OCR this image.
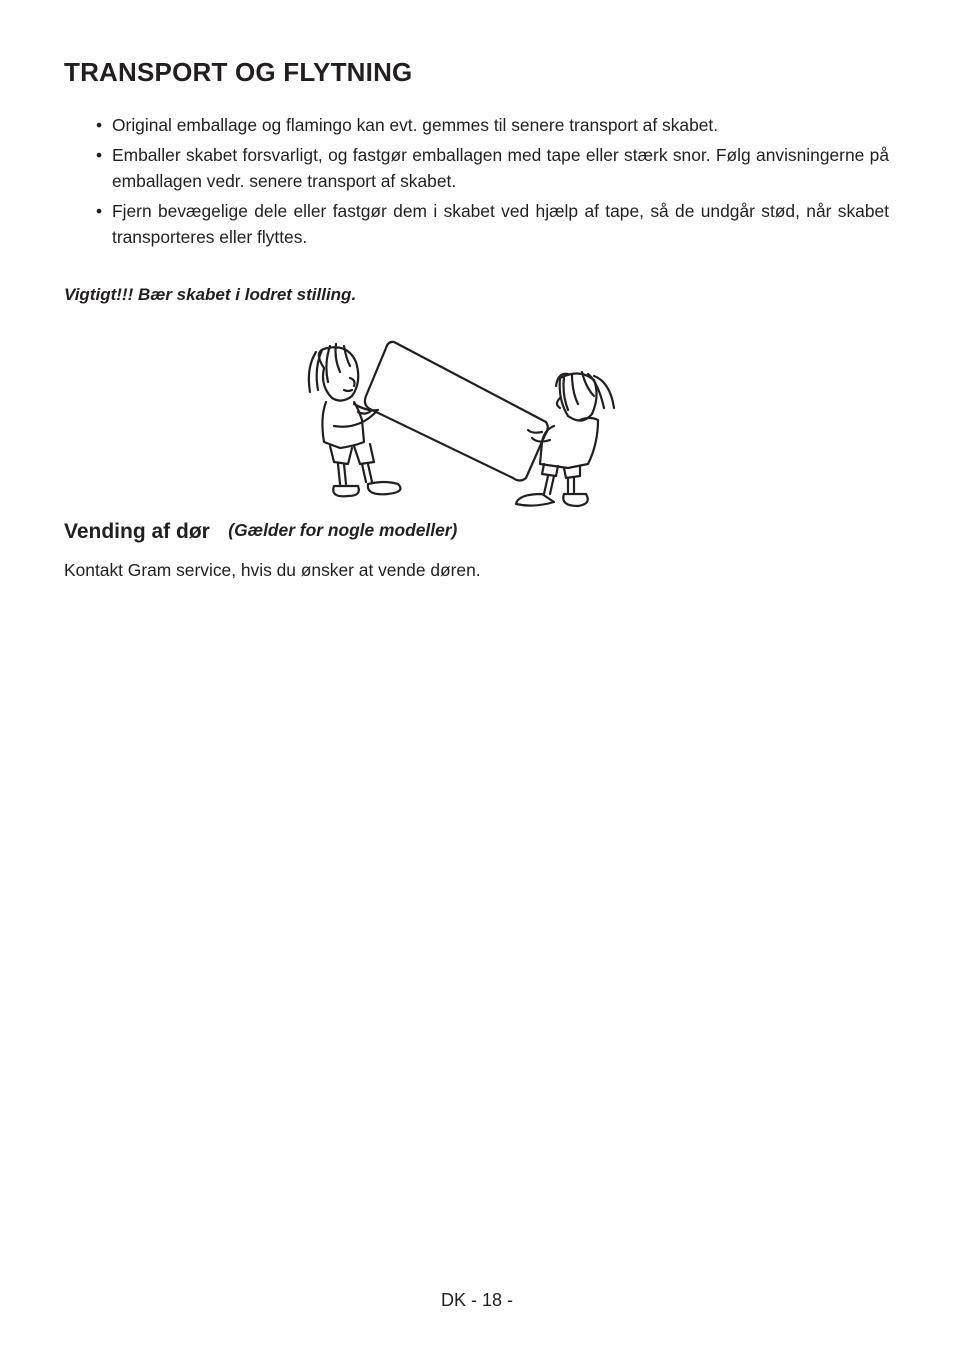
TRANSPORT OG FLYTNING
• Original emballage og flamingo kan evt. gemmes til senere transport af skabet.
• Emballer skabet forsvarligt, og fastgør emballagen med tape eller stærk snor. Følg anvisningerne på emballagen vedr. senere transport af skabet.
• Fjern bevægelige dele eller fastgør dem i skabet ved hjælp af tape, så de undgår stød, når skabet transporteres eller flyttes.

Vigtigt!!! Bær skabet i lodret stilling.

Vending af dør (Gælder for nogle modeller)

Kontakt Gram service, hvis du ønsker at vende døren.

DK - 18 -
